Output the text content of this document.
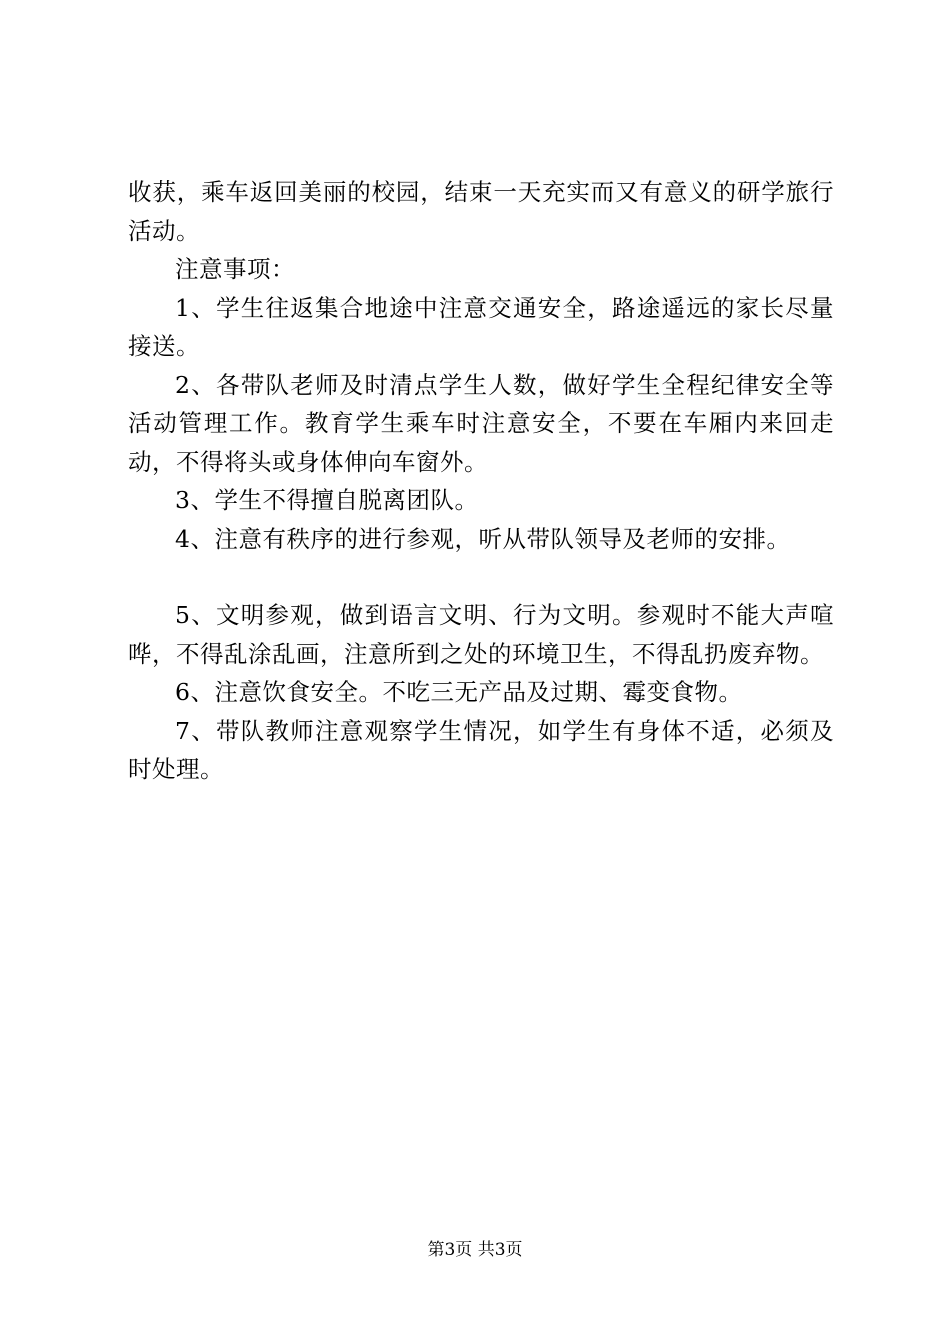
收获，乘车返回美丽的校园，结束一天充实而又有意义的研学旅行活动。

注意事项：

1、学生往返集合地途中注意交通安全，路途遥远的家长尽量接送。

2、各带队老师及时清点学生人数，做好学生全程纪律安全等活动管理工作。教育学生乘车时注意安全，不要在车厢内来回走动，不得将头或身体伸向车窗外。

3、学生不得擅自脱离团队。

4、注意有秩序的进行参观，听从带队领导及老师的安排。

5、文明参观，做到语言文明、行为文明。参观时不能大声喧哗，不得乱涂乱画，注意所到之处的环境卫生，不得乱扔废弃物。

6、注意饮食安全。不吃三无产品及过期、霉变食物。

7、带队教师注意观察学生情况，如学生有身体不适，必须及时处理。

第3页 共3页
